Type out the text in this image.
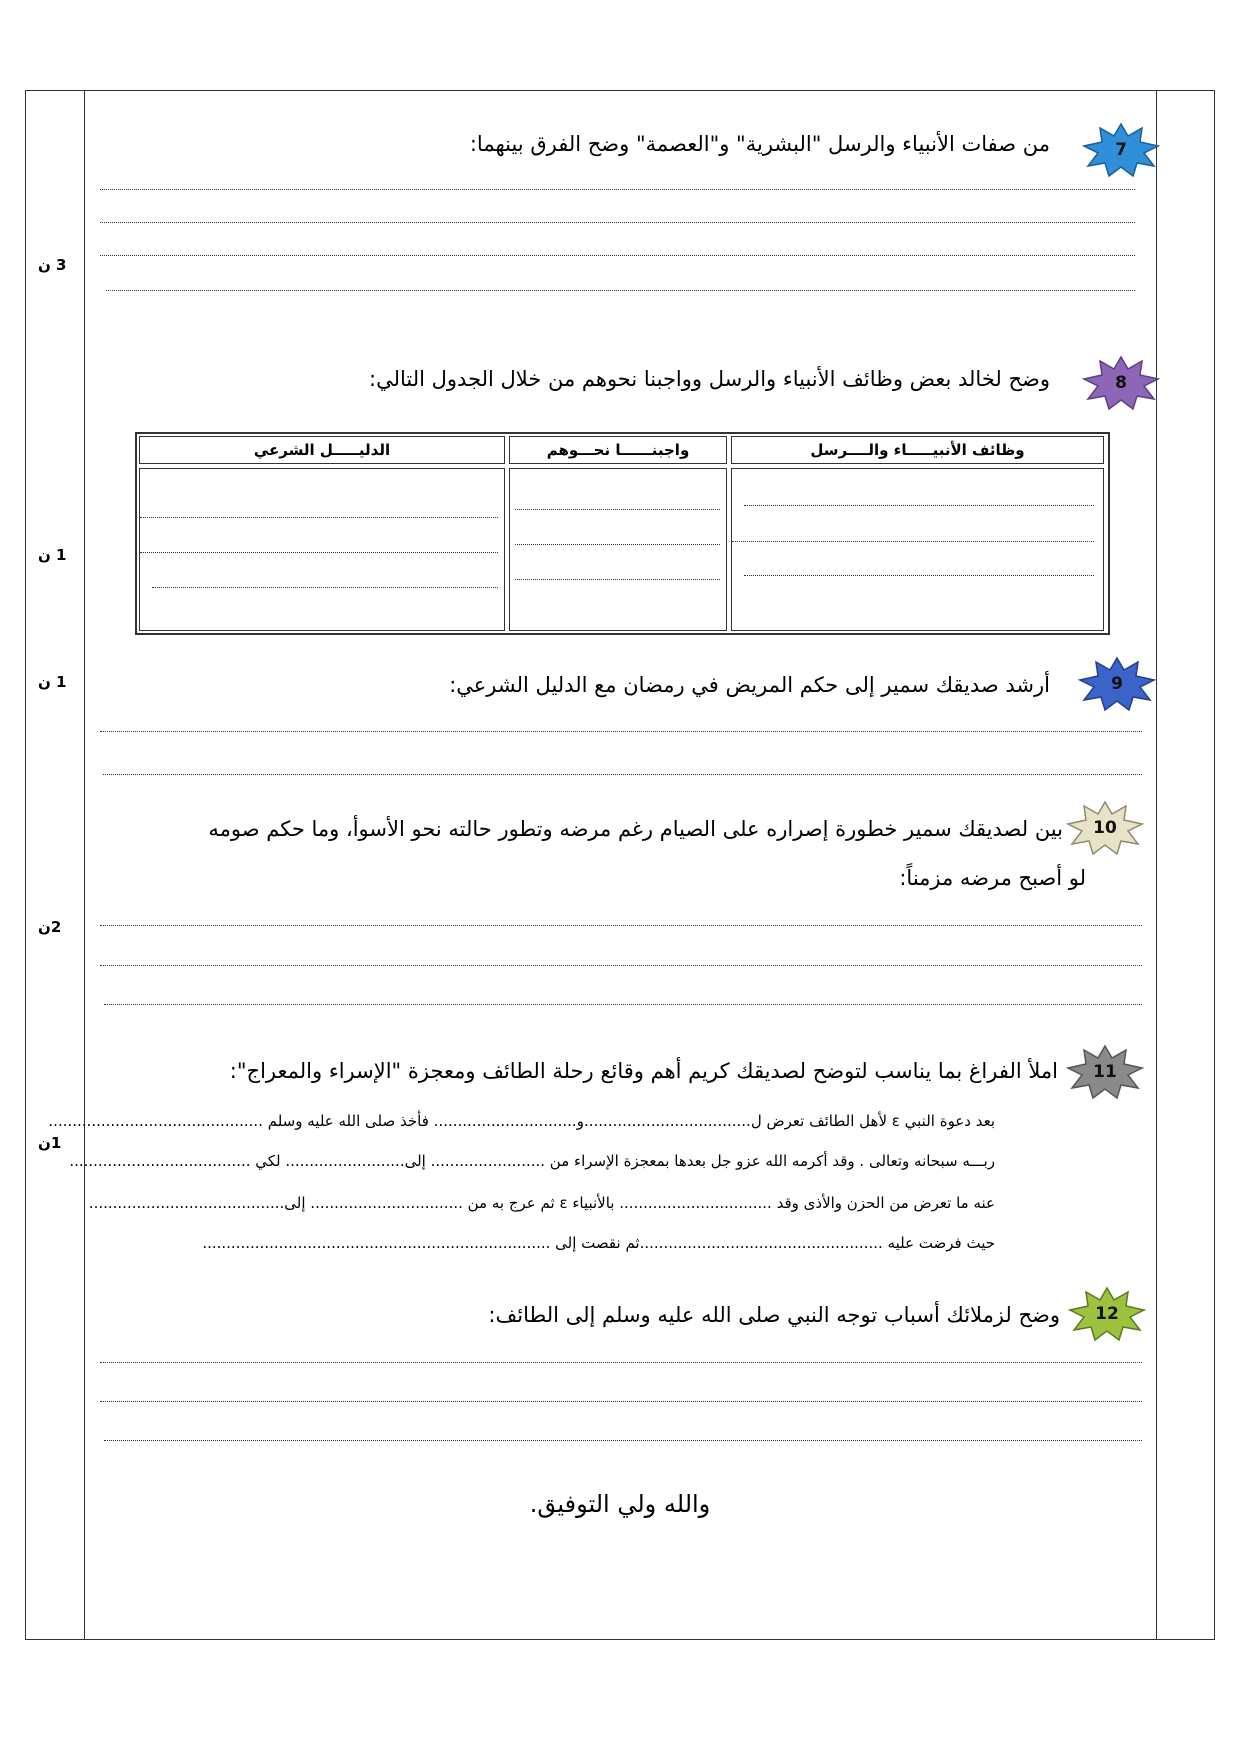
3 ن
1 ن
1 ن
2ن
1ن
7
من صفات الأنبياء والرسل "البشرية" و"العصمة" وضح الفرق بينهما:
8
وضح لخالد بعض وظائف الأنبياء والرسل وواجبنا نحوهم من خلال الجدول التالي:
وظائف الأنبيـــــاء والــــرسل
واجبنــــــا نحـــوهم
الدليـــــل الشرعي
9
أرشد صديقك سمير إلى حكم المريض في رمضان مع الدليل الشرعي:
10
بين لصديقك سمير خطورة إصراره على الصيام رغم مرضه وتطور حالته نحو الأسوأ، وما حكم صومه
لو أصبح مرضه مزمناً:
11
املأ الفراغ بما يناسب لتوضح لصديقك كريم أهم وقائع رحلة الطائف ومعجزة "الإسراء والمعراج":
بعد دعوة النبي ε لأهل الطائف تعرض ل...................................و.............................. فأخذ صلى الله عليه وسلم .............................................
ربـــه سبحانه وتعالى . وقد أكرمه الله عزو جل بعدها بمعجزة الإسراء من ........................ إلى......................... لكي ......................................
عنه ما تعرض من الحزن والأذى وقد ................................ بالأنبياء ε ثم عرج به من ................................ إلى.........................................
حيث فرضت عليه ...................................................ثم نقصت إلى .........................................................................
12
وضح لزملائك أسباب توجه النبي صلى الله عليه وسلم إلى الطائف:
والله ولي التوفيق.
